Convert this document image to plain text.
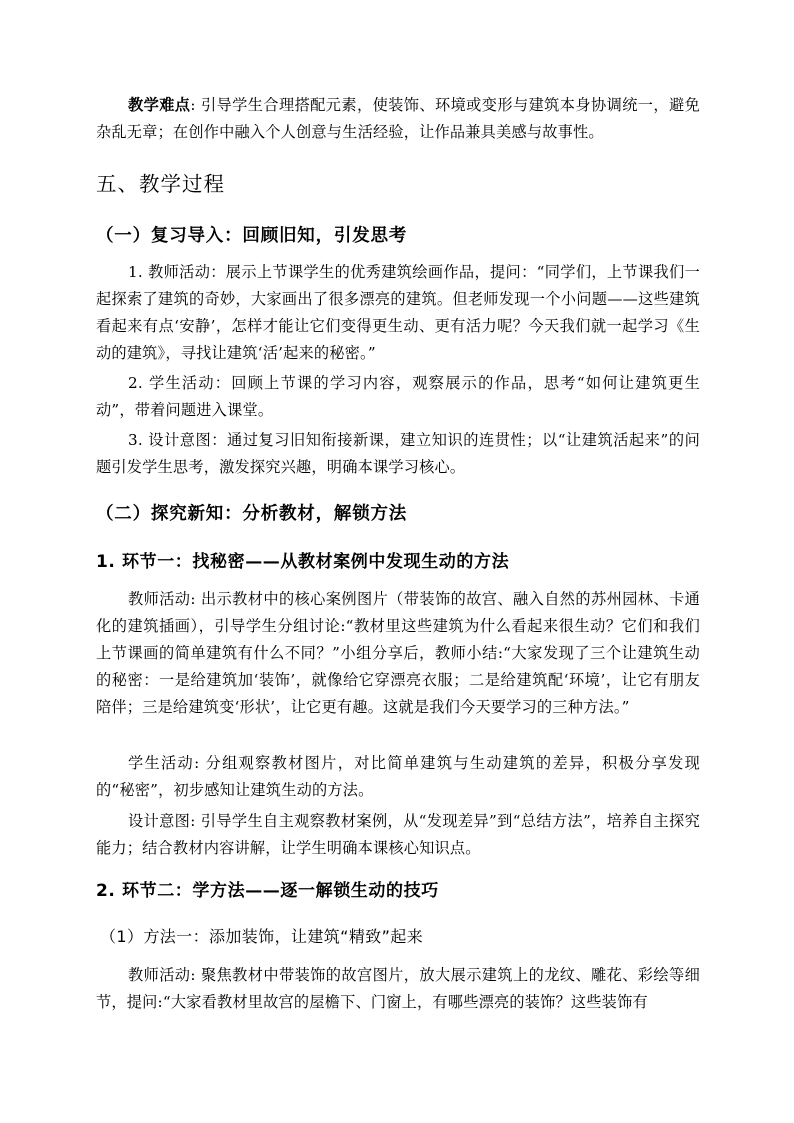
教学难点: 引导学生合理搭配元素，使装饰、环境或变形与建筑本身协调统一，避免杂乱无章；在创作中融入个人创意与生活经验，让作品兼具美感与故事性。

五、教学过程
（一）复习导入：回顾旧知，引发思考

1. 教师活动：展示上节课学生的优秀建筑绘画作品，提问：“同学们，上节课我们一起探索了建筑的奇妙，大家画出了很多漂亮的建筑。但老师发现一个小问题——这些建筑看起来有点‘安静’，怎样才能让它们变得更生动、更有活力呢？今天我们就一起学习《生动的建筑》，寻找让建筑‘活’起来的秘密。”

2. 学生活动：回顾上节课的学习内容，观察展示的作品，思考“如何让建筑更生动”，带着问题进入课堂。

3. 设计意图：通过复习旧知衔接新课，建立知识的连贯性；以“让建筑活起来”的问题引发学生思考，激发探究兴趣，明确本课学习核心。

（二）探究新知：分析教材，解锁方法
1. 环节一：找秘密——从教材案例中发现生动的方法

教师活动: 出示教材中的核心案例图片（带装饰的故宫、融入自然的苏州园林、卡通化的建筑插画），引导学生分组讨论:“教材里这些建筑为什么看起来很生动？它们和我们上节课画的简单建筑有什么不同？”小组分享后，教师小结:“大家发现了三个让建筑生动的秘密：一是给建筑加‘装饰’，就像给它穿漂亮衣服；二是给建筑配‘环境’，让它有朋友陪伴；三是给建筑变‘形状’，让它更有趣。这就是我们今天要学习的三种方法。”

学生活动: 分组观察教材图片，对比简单建筑与生动建筑的差异，积极分享发现的“秘密”，初步感知让建筑生动的方法。

设计意图: 引导学生自主观察教材案例，从“发现差异”到“总结方法”，培养自主探究能力；结合教材内容讲解，让学生明确本课核心知识点。

2. 环节二：学方法——逐一解锁生动的技巧
（1）方法一：添加装饰，让建筑“精致”起来

教师活动: 聚焦教材中带装饰的故宫图片，放大展示建筑上的龙纹、雕花、彩绘等细节，提问:“大家看教材里故宫的屋檐下、门窗上，有哪些漂亮的装饰？这些装饰有
